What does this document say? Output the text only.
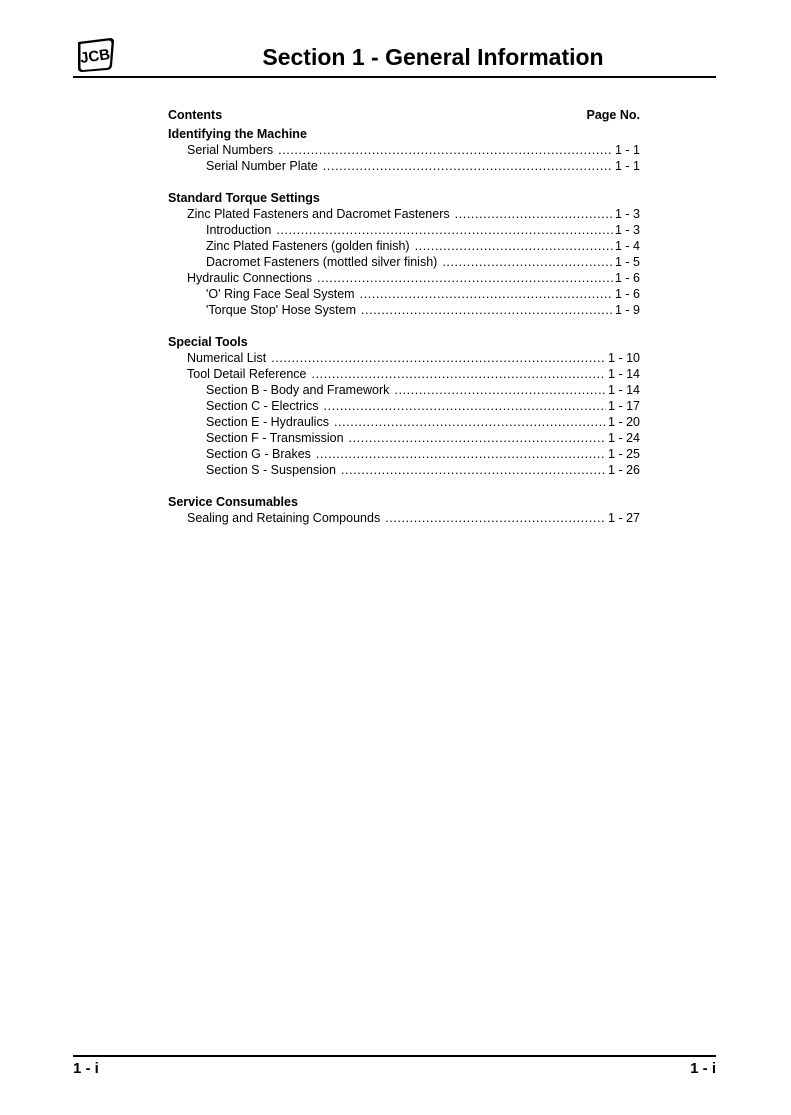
JCB	Section 1 - General Information
Contents	Page No.
Identifying the Machine
Serial Numbers .....	1 - 1
Serial Number Plate .....	1 - 1
Standard Torque Settings
Zinc Plated Fasteners and Dacromet Fasteners .....	1 - 3
Introduction .....	1 - 3
Zinc Plated Fasteners (golden finish) .....	1 - 4
Dacromet Fasteners (mottled silver finish) .....	1 - 5
Hydraulic Connections .....	1 - 6
'O' Ring Face Seal System .....	1 - 6
'Torque Stop' Hose System .....	1 - 9
Special Tools
Numerical List .....	1 - 10
Tool Detail Reference .....	1 - 14
Section B - Body and Framework .....	1 - 14
Section C - Electrics .....	1 - 17
Section E - Hydraulics .....	1 - 20
Section F - Transmission .....	1 - 24
Section G - Brakes .....	1 - 25
Section S - Suspension .....	1 - 26
Service Consumables
Sealing and Retaining Compounds .....	1 - 27
1 - i	1 - i
